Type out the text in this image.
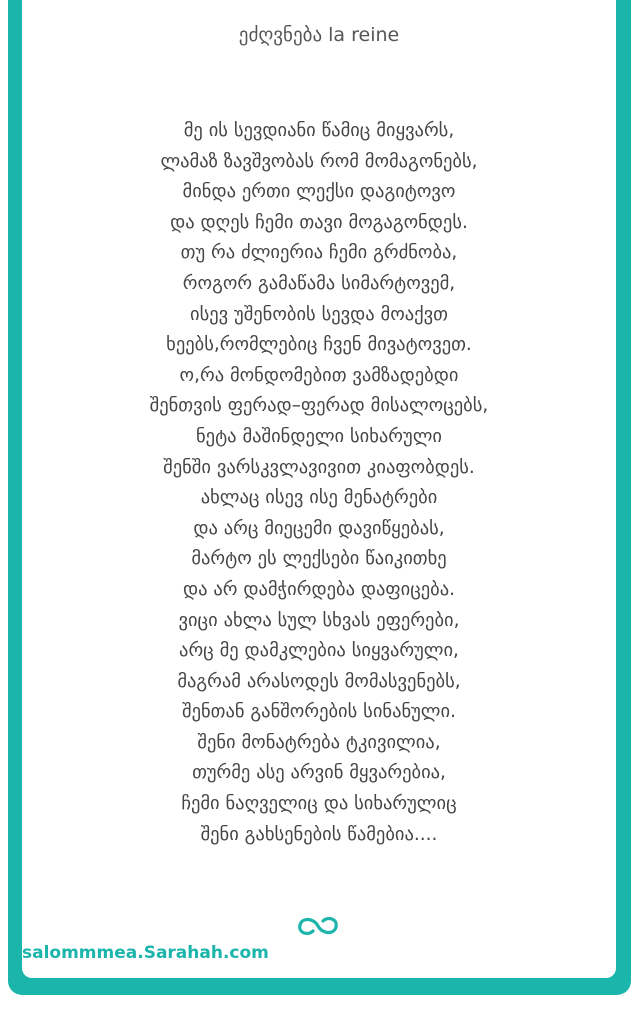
ეძღვნება la reine
მე ის სევდიანი წამიც მიყვარს,
ლამაზ ზავშვობას რომ მომაგონებს,
მინდა ერთი ლექსი დაგიტოვო
და დღეს ჩემი თავი მოგაგონდეს.
თუ რა ძლიერია ჩემი გრძნობა,
როგორ გამაწამა სიმარტოვემ,
ისევ უშენობის სევდა მოაქვთ
ხეებს,რომლებიც ჩვენ მივატოვეთ.
ო,რა მონდომებით ვამზადებდი
შენთვის ფერად–ფერად მისალოცებს,
ნეტა მაშინდელი სიხარული
შენში ვარსკვლავივით კიაფობდეს.
ახლაც ისევ ისე მენატრები
და არც მიეცემი დავიწყებას,
მარტო ეს ლექსები წაიკითხე
და არ დამჭირდება დაფიცება.
ვიცი ახლა სულ სხვას ეფერები,
არც მე დამკლებია სიყვარული,
მაგრამ არასოდეს მომასვენებს,
შენთან განშორების სინანული.
შენი მონატრება ტკივილია,
თურმე ასე არვინ მყვარებია,
ჩემი ნაღველიც და სიხარულიც
შენი გახსენების წამებია....
salommmea.Sarahah.com
